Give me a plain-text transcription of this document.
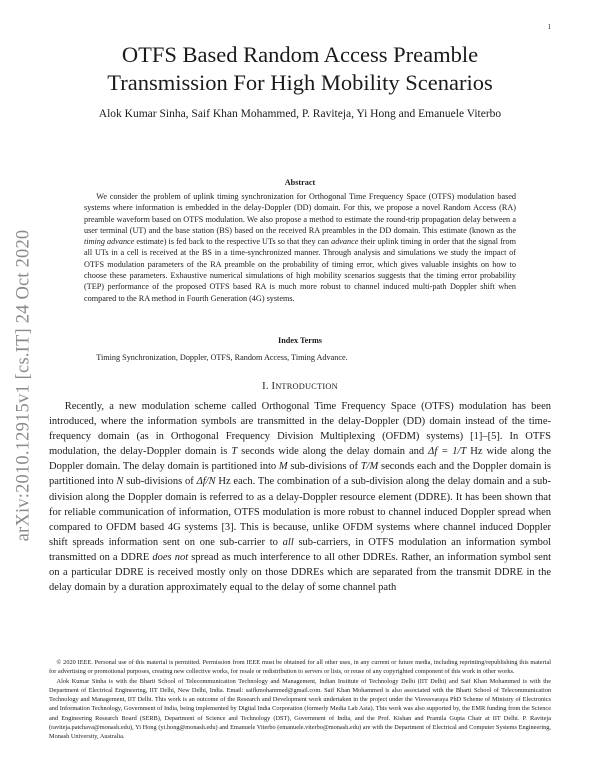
1
arXiv:2010.12915v1 [cs.IT] 24 Oct 2020
OTFS Based Random Access Preamble
Transmission For High Mobility Scenarios

Alok Kumar Sinha, Saif Khan Mohammed, P. Raviteja, Yi Hong and Emanuele Viterbo

Abstract

We consider the problem of uplink timing synchronization for Orthogonal Time Frequency Space (OTFS) modulation based systems where information is embedded in the delay-Doppler (DD) domain. For this, we propose a novel Random Access (RA) preamble waveform based on OTFS modulation. We also propose a method to estimate the round-trip propagation delay between a user terminal (UT) and the base station (BS) based on the received RA preambles in the DD domain. This estimate (known as the timing advance estimate) is fed back to the respective UTs so that they can advance their uplink timing in order that the signal from all UTs in a cell is received at the BS in a time-synchronized manner. Through analysis and simulations we study the impact of OTFS modulation parameters of the RA preamble on the probability of timing error, which gives valuable insights on how to choose these parameters. Exhaustive numerical simulations of high mobility scenarios suggests that the timing error probability (TEP) performance of the proposed OTFS based RA is much more robust to channel induced multi-path Doppler shift when compared to the RA method in Fourth Generation (4G) systems.

Index Terms

Timing Synchronization, Doppler, OTFS, Random Access, Timing Advance.

I. INTRODUCTION

Recently, a new modulation scheme called Orthogonal Time Frequency Space (OTFS) modulation has been introduced, where the information symbols are transmitted in the delay-Doppler (DD) domain instead of the time-frequency domain (as in Orthogonal Frequency Division Multiplexing (OFDM) systems) [1]–[5]. In OTFS modulation, the delay-Doppler domain is T seconds wide along the delay domain and Δf = 1/T Hz wide along the Doppler domain. The delay domain is partitioned into M sub-divisions of T/M seconds each and the Doppler domain is partitioned into N sub-divisions of Δf/N Hz each. The combination of a sub-division along the delay domain and a sub-division along the Doppler domain is referred to as a delay-Doppler resource element (DDRE). It has been shown that for reliable communication of information, OTFS modulation is more robust to channel induced Doppler spread when compared to OFDM based 4G systems [3]. This is because, unlike OFDM systems where channel induced Doppler shift spreads information sent on one sub-carrier to all sub-carriers, in OTFS modulation an information symbol transmitted on a DDRE does not spread as much interference to all other DDREs. Rather, an information symbol sent on a particular DDRE is received mostly only on those DDREs which are separated from the transmit DDRE in the delay domain by a duration approximately equal to the delay of some channel path

© 2020 IEEE. Personal use of this material is permitted. Permission from IEEE must be obtained for all other uses, in any current or future media, including reprinting/republishing this material for advertising or promotional purposes, creating new collective works, for resale or redistribution to servers or lists, or reuse of any copyrighted component of this work in other works.

Alok Kumar Sinha is with the Bharti School of Telecommunication Technology and Management, Indian Institute of Technology Delhi (IIT Delhi) and Saif Khan Mohammed is with the Department of Electrical Engineering, IIT Delhi, New Delhi, India. Email: saifkmohammed@gmail.com. Saif Khan Mohammed is also associated with the Bharti School of Telecommunication Technology and Management, IIT Delhi. This work is an outcome of the Research and Development work undertaken in the project under the Visvesvaraya PhD Scheme of Ministry of Electronics and Information Technology, Government of India, being implemented by Digital India Corporation (formerly Media Lab Asia). This work was also supported by, the EMR funding from the Science and Engineering Research Board (SERB), Department of Science and Technology (DST), Government of India, and the Prof. Kishan and Pramila Gupta Chair at IIT Delhi. P. Raviteja (raviteja.patchava@monash.edu), Yi Hong (yi.hong@monash.edu) and Emanuele Viterbo (emanuele.viterbo@monash.edu) are with the Department of Electrical and Computer Systems Engineering, Monash University, Australia.
